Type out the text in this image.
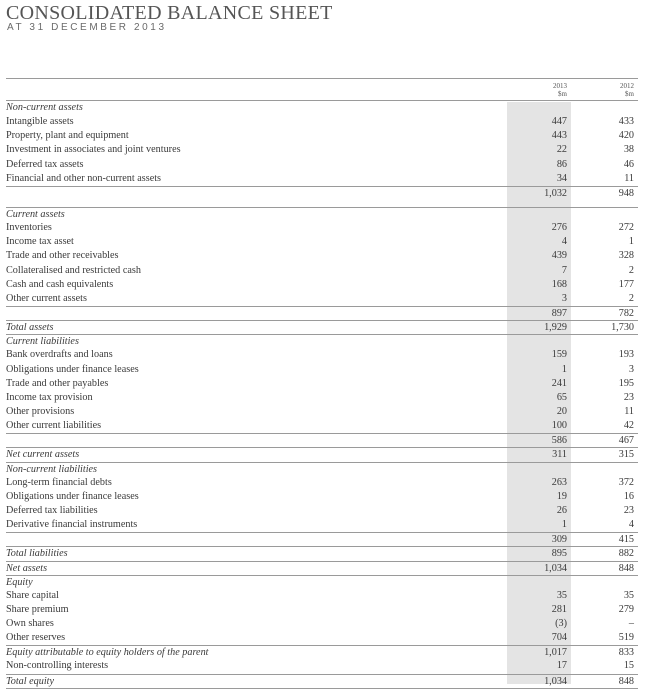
CONSOLIDATED BALANCE SHEET
AT 31 DECEMBER 2013
2013
$m
2012
$m
Non-current assets
Intangible assets	447	433
Property, plant and equipment	443	420
Investment in associates and joint ventures	22	38
Deferred tax assets	86	46
Financial and other non-current assets	34	11
1,032	948
Current assets
Inventories	276	272
Income tax asset	4	1
Trade and other receivables	439	328
Collateralised and restricted cash	7	2
Cash and cash equivalents	168	177
Other current assets	3	2
897	782
Total assets	1,929	1,730
Current liabilities
Bank overdrafts and loans	159	193
Obligations under finance leases	1	3
Trade and other payables	241	195
Income tax provision	65	23
Other provisions	20	11
Other current liabilities	100	42
586	467
Net current assets	311	315
Non-current liabilities
Long-term financial debts	263	372
Obligations under finance leases	19	16
Deferred tax liabilities	26	23
Derivative financial instruments	1	4
309	415
Total liabilities	895	882
Net assets	1,034	848
Equity
Share capital	35	35
Share premium	281	279
Own shares	(3)	–
Other reserves	704	519
Equity attributable to equity holders of the parent	1,017	833
Non-controlling interests	17	15
Total equity	1,034	848
